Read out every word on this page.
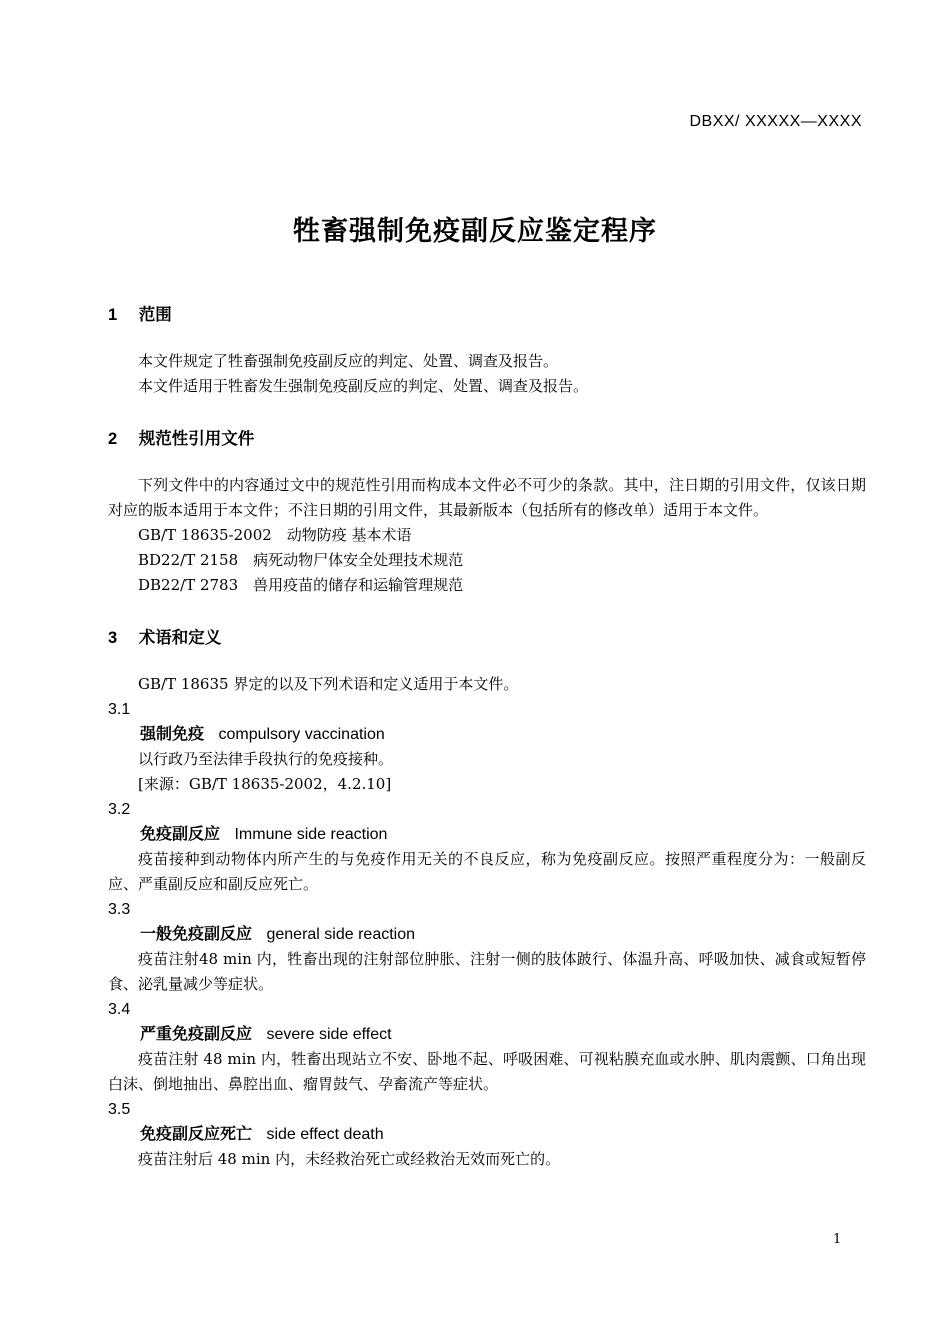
DBXX/ XXXXX—XXXX
牲畜强制免疫副反应鉴定程序
1 范围

本文件规定了牲畜强制免疫副反应的判定、处置、调查及报告。

本文件适用于牲畜发生强制免疫副反应的判定、处置、调查及报告。

2 规范性引用文件

下列文件中的内容通过文中的规范性引用而构成本文件必不可少的条款。其中，注日期的引用文件，仅该日期对应的版本适用于本文件；不注日期的引用文件，其最新版本（包括所有的修改单）适用于本文件。

GB/T 18635-2002　动物防疫 基本术语

BD22/T 2158　病死动物尸体安全处理技术规范

DB22/T 2783　兽用疫苗的储存和运输管理规范

3 术语和定义

GB/T 18635 界定的以及下列术语和定义适用于本文件。

3.1
强制免疫 compulsory vaccination

以行政乃至法律手段执行的免疫接种。

[来源：GB/T 18635-2002，4.2.10]

3.2
免疫副反应 Immune side reaction

疫苗接种到动物体内所产生的与免疫作用无关的不良反应，称为免疫副反应。按照严重程度分为：一般副反应、严重副反应和副反应死亡。

3.3
一般免疫副反应 general side reaction

疫苗注射48 min 内，牲畜出现的注射部位肿胀、注射一侧的肢体跛行、体温升高、呼吸加快、减食或短暂停食、泌乳量减少等症状。

3.4
严重免疫副反应 severe side effect

疫苗注射 48 min 内，牲畜出现站立不安、卧地不起、呼吸困难、可视粘膜充血或水肿、肌肉震颤、口角出现白沫、倒地抽出、鼻腔出血、瘤胃鼓气、孕畜流产等症状。

3.5
免疫副反应死亡 side effect death

疫苗注射后 48 min 内，未经救治死亡或经救治无效而死亡的。

1
